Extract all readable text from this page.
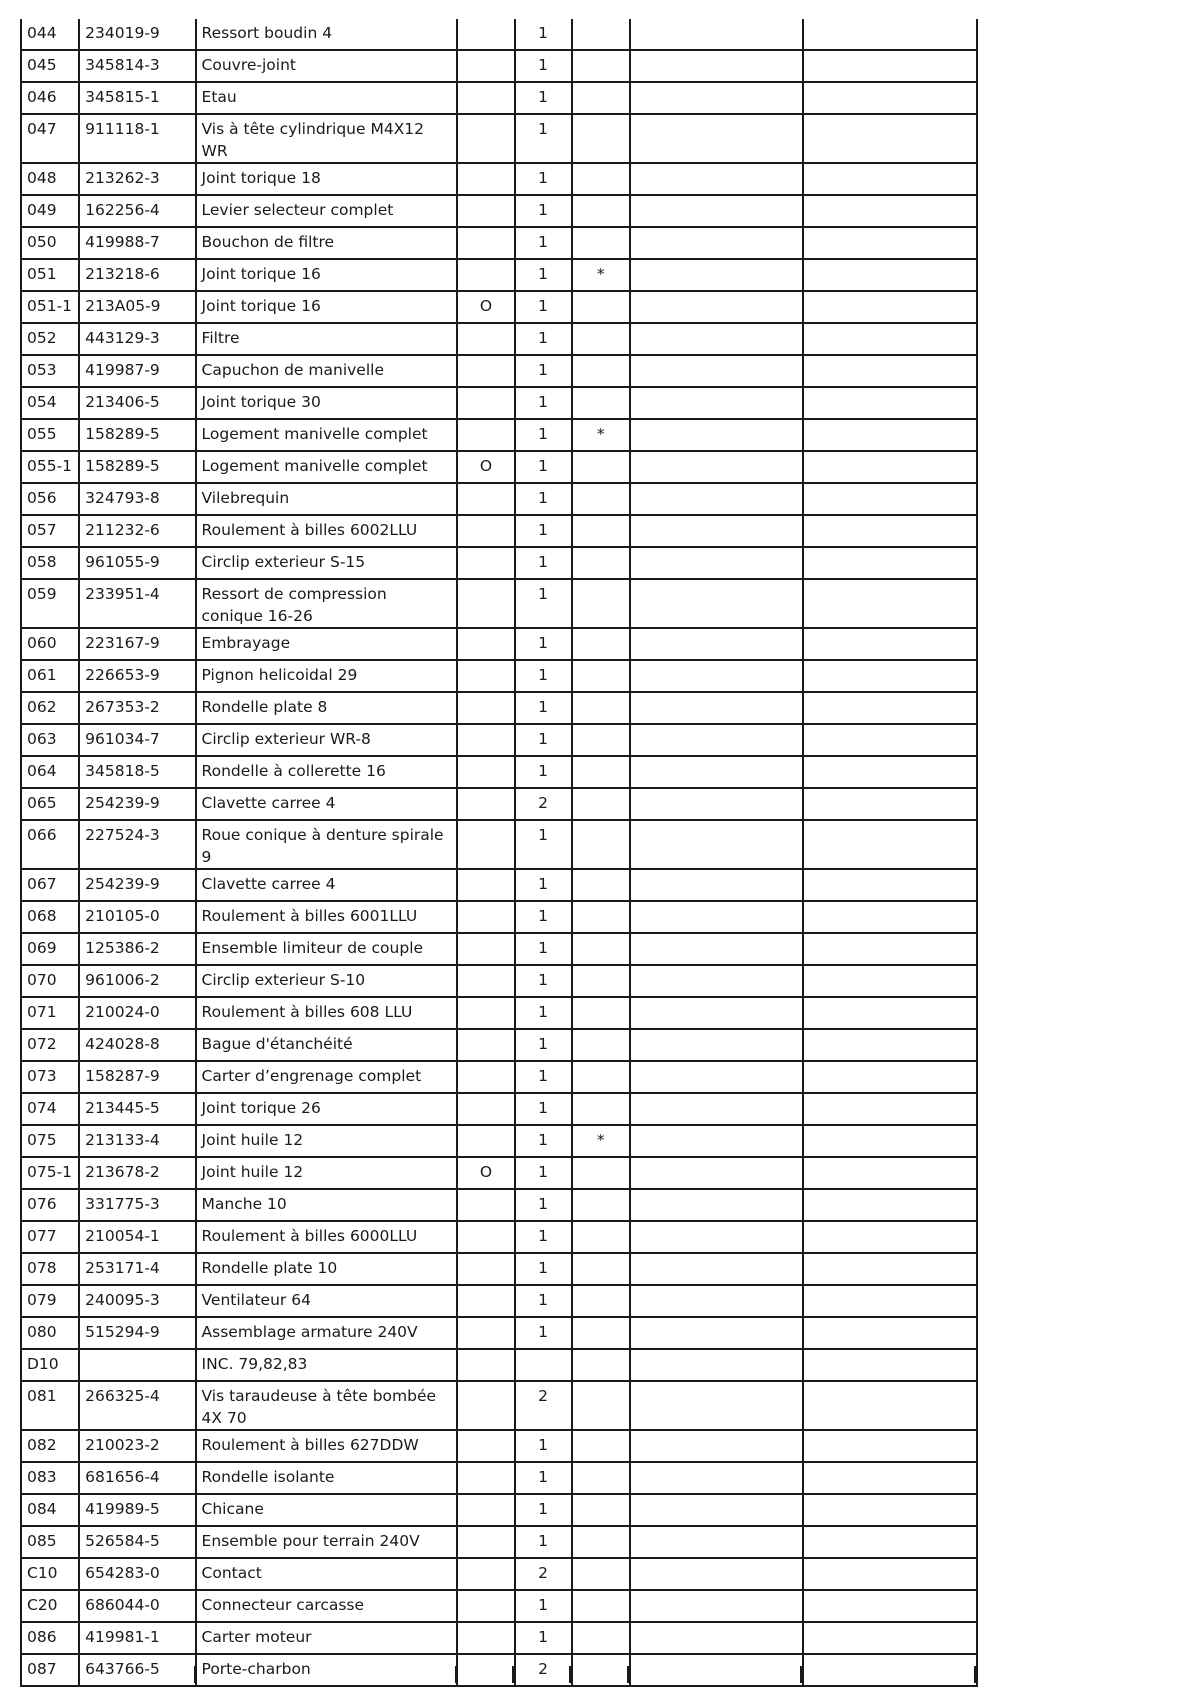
044	234019-9	Ressort boudin 4		1			
045	345814-3	Couvre-joint		1			
046	345815-1	Etau		1			
047	911118-1	Vis à tête cylindrique M4X12 WR		1			
048	213262-3	Joint torique 18		1			
049	162256-4	Levier selecteur complet		1			
050	419988-7	Bouchon de filtre		1			
051	213218-6	Joint torique 16		1	*		
051-1	213A05-9	Joint torique 16	O	1			
052	443129-3	Filtre		1			
053	419987-9	Capuchon de manivelle		1			
054	213406-5	Joint torique 30		1			
055	158289-5	Logement manivelle complet		1	*		
055-1	158289-5	Logement manivelle complet	O	1			
056	324793-8	Vilebrequin		1			
057	211232-6	Roulement à billes 6002LLU		1			
058	961055-9	Circlip exterieur S-15		1			
059	233951-4	Ressort de compression conique 16-26		1			
060	223167-9	Embrayage		1			
061	226653-9	Pignon helicoidal 29		1			
062	267353-2	Rondelle plate 8		1			
063	961034-7	Circlip exterieur WR-8		1			
064	345818-5	Rondelle à collerette 16		1			
065	254239-9	Clavette carree 4		2			
066	227524-3	Roue conique à denture spirale 9		1			
067	254239-9	Clavette carree 4		1			
068	210105-0	Roulement à billes 6001LLU		1			
069	125386-2	Ensemble limiteur de couple		1			
070	961006-2	Circlip exterieur S-10		1			
071	210024-0	Roulement à billes 608 LLU		1			
072	424028-8	Bague d'étanchéité		1			
073	158287-9	Carter d’engrenage complet		1			
074	213445-5	Joint torique 26		1			
075	213133-4	Joint huile 12		1	*		
075-1	213678-2	Joint huile 12	O	1			
076	331775-3	Manche 10		1			
077	210054-1	Roulement à billes 6000LLU		1			
078	253171-4	Rondelle plate 10		1			
079	240095-3	Ventilateur 64		1			
080	515294-9	Assemblage armature 240V		1			
D10		INC. 79,82,83					
081	266325-4	Vis taraudeuse à tête bombée 4X 70		2			
082	210023-2	Roulement à billes 627DDW		1			
083	681656-4	Rondelle isolante		1			
084	419989-5	Chicane		1			
085	526584-5	Ensemble pour terrain 240V		1			
C10	654283-0	Contact		2			
C20	686044-0	Connecteur carcasse		1			
086	419981-1	Carter moteur		1			
087	643766-5	Porte-charbon		2			
